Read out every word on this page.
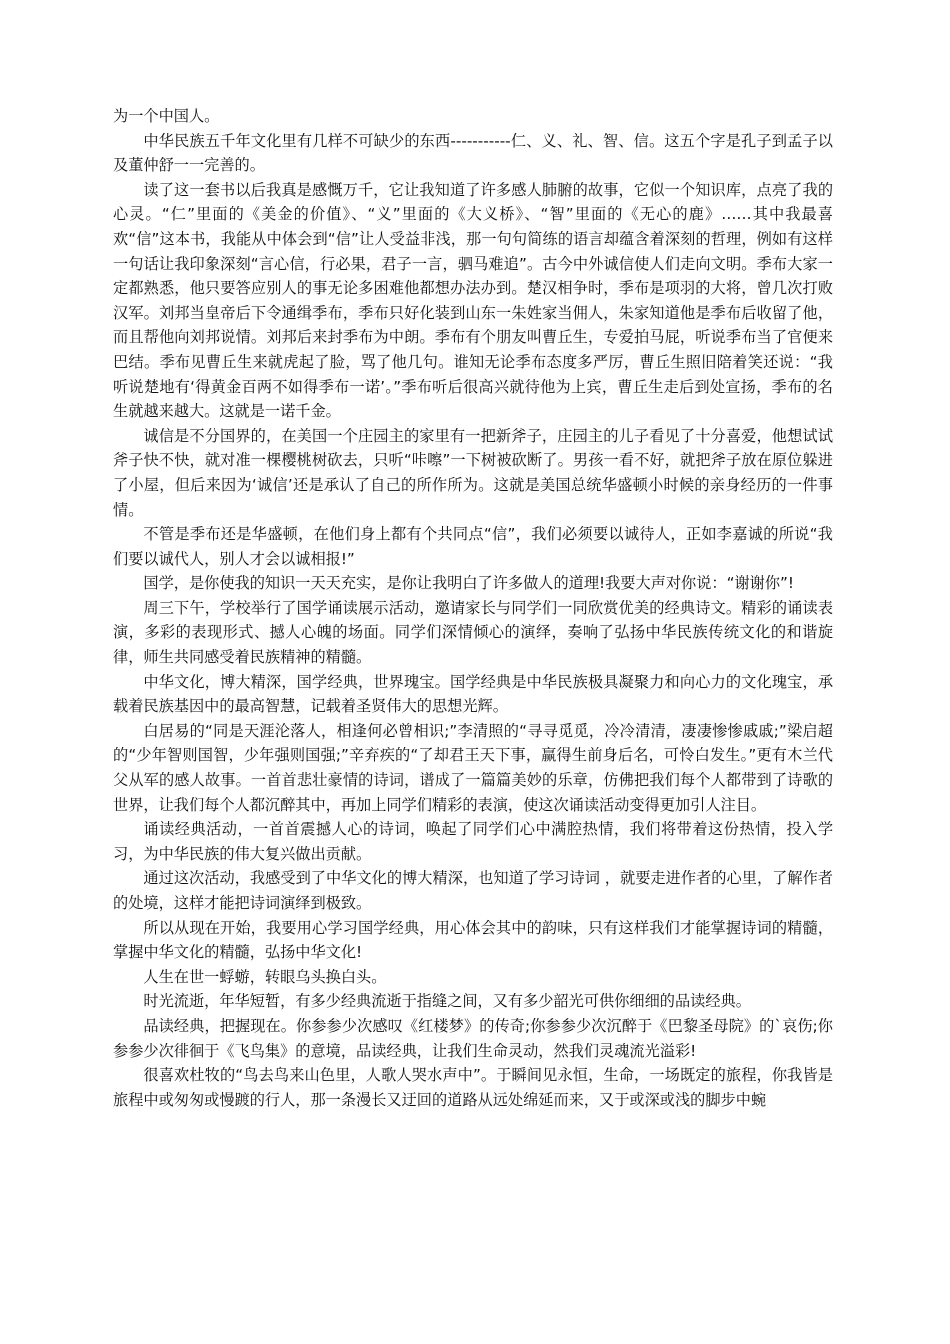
为一个中国人。

中华民族五千年文化里有几样不可缺少的东西-----------仁、义、礼、智、信。这五个字是孔子到孟子以及董仲舒一一完善的。

读了这一套书以后我真是感慨万千，它让我知道了许多感人肺腑的故事，它似一个知识库，点亮了我的心灵。“仁”里面的《美金的价值》、“义”里面的《大义桥》、“智”里面的《无心的鹿》……其中我最喜欢“信”这本书，我能从中体会到“信”让人受益非浅，那一句句简练的语言却蕴含着深刻的哲理，例如有这样一句话让我印象深刻“言心信，行必果，君子一言，驷马难追”。古今中外诚信使人们走向文明。季布大家一定都熟悉，他只要答应别人的事无论多困难他都想办法办到。楚汉相争时，季布是项羽的大将，曾几次打败汉军。刘邦当皇帝后下令通缉季布，季布只好化装到山东一朱姓家当佣人，朱家知道他是季布后收留了他，而且帮他向刘邦说情。刘邦后来封季布为中朗。季布有个朋友叫曹丘生，专爱拍马屁，听说季布当了官便来巴结。季布见曹丘生来就虎起了脸，骂了他几句。谁知无论季布态度多严厉，曹丘生照旧陪着笑还说：“我听说楚地有‘得黄金百两不如得季布一诺’。”季布听后很高兴就待他为上宾，曹丘生走后到处宣扬，季布的名生就越来越大。这就是一诺千金。

诚信是不分国界的，在美国一个庄园主的家里有一把新斧子，庄园主的儿子看见了十分喜爱，他想试试斧子快不快，就对准一棵樱桃树砍去，只听“咔嚓”一下树被砍断了。男孩一看不好，就把斧子放在原位躲进了小屋，但后来因为‘诚信’还是承认了自己的所作所为。这就是美国总统华盛顿小时候的亲身经历的一件事情。

不管是季布还是华盛顿，在他们身上都有个共同点“信”，我们必须要以诚待人，正如李嘉诚的所说“我们要以诚代人，别人才会以诚相报!”

国学，是你使我的知识一天天充实，是你让我明白了许多做人的道理!我要大声对你说：“谢谢你”!

周三下午，学校举行了国学诵读展示活动，邀请家长与同学们一同欣赏优美的经典诗文。精彩的诵读表演，多彩的表现形式、撼人心魄的场面。同学们深情倾心的演绎，奏响了弘扬中华民族传统文化的和谐旋律，师生共同感受着民族精神的精髓。

中华文化，博大精深，国学经典，世界瑰宝。国学经典是中华民族极具凝聚力和向心力的文化瑰宝，承载着民族基因中的最高智慧，记载着圣贤伟大的思想光辉。

白居易的“同是天涯沦落人，相逢何必曾相识;”李清照的“寻寻觅觅，冷冷清清，凄凄惨惨戚戚;”梁启超的“少年智则国智，少年强则国强;”辛弃疾的“了却君王天下事，赢得生前身后名，可怜白发生。”更有木兰代父从军的感人故事。一首首悲壮豪情的诗词，谱成了一篇篇美妙的乐章，仿佛把我们每个人都带到了诗歌的世界，让我们每个人都沉醉其中，再加上同学们精彩的表演，使这次诵读活动变得更加引人注目。

诵读经典活动，一首首震撼人心的诗词，唤起了同学们心中满腔热情，我们将带着这份热情，投入学习，为中华民族的伟大复兴做出贡献。

通过这次活动，我感受到了中华文化的博大精深，也知道了学习诗词 ，就要走进作者的心里，了解作者的处境，这样才能把诗词演绎到极致。

所以从现在开始，我要用心学习国学经典，用心体会其中的韵味，只有这样我们才能掌握诗词的精髓，掌握中华文化的精髓，弘扬中华文化!

人生在世一蜉蝣，转眼乌头换白头。

时光流逝，年华短暂，有多少经典流逝于指缝之间，又有多少韶光可供你细细的品读经典。

品读经典，把握现在。你参参少次感叹《红楼梦》的传奇;你参参少次沉醉于《巴黎圣母院》的`哀伤;你参参少次徘徊于《飞鸟集》的意境，品读经典，让我们生命灵动，然我们灵魂流光溢彩!

很喜欢杜牧的“鸟去鸟来山色里，人歌人哭水声中”。于瞬间见永恒，生命，一场既定的旅程，你我皆是旅程中或匆匆或慢踱的行人，那一条漫长又迂回的道路从远处绵延而来，又于或深或浅的脚步中蜿
